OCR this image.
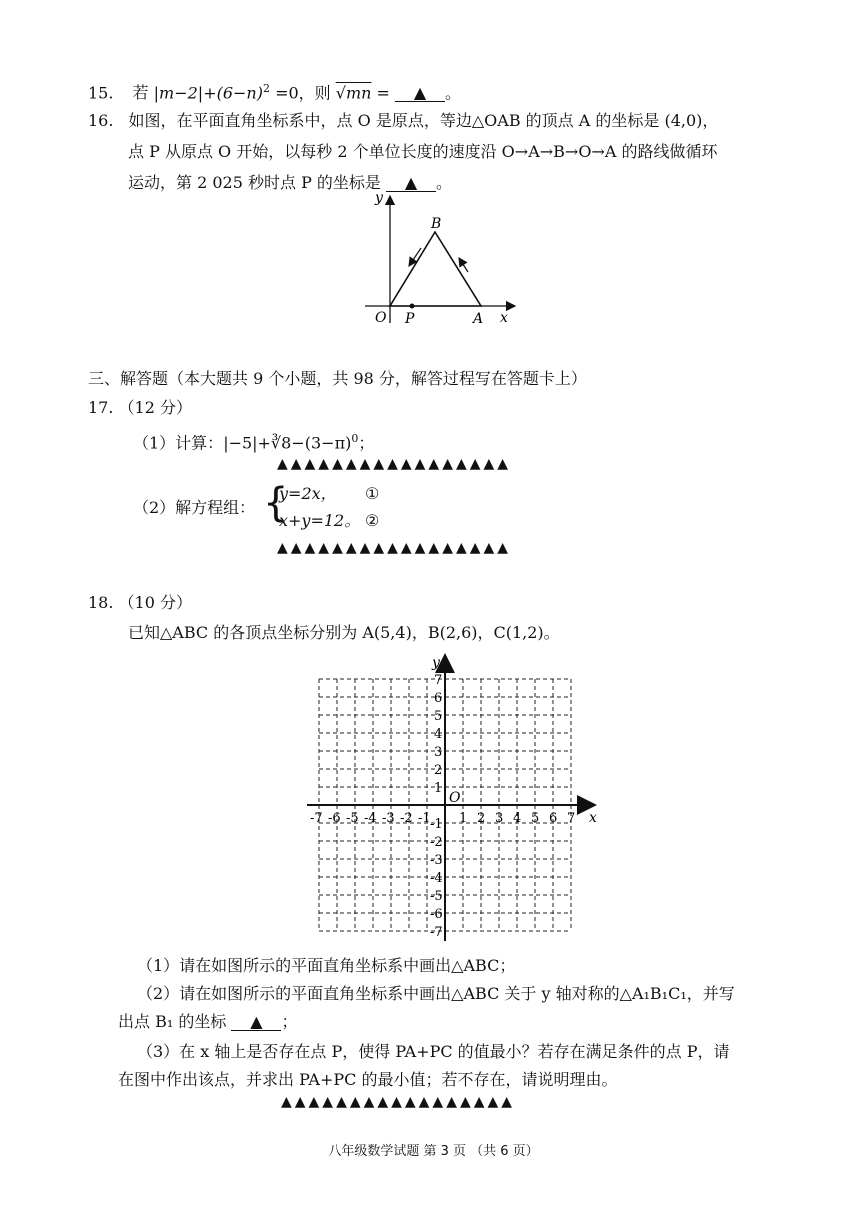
15. 若 $|m-2|+(6-n)^2 =0$，则 √mn = ▲ 。
16. 如图，在平面直角坐标系中，点 O 是原点，等边△OAB 的顶点 A 的坐标是 (4,0)，
点 P 从原点 O 开始，以每秒 2 个单位长度的速度沿 O→A→B→O→A 的路线做循环
运动，第 2 025 秒时点 P 的坐标是 ▲ 。
y
x
O P	A
B
三、解答题（本大题共 9 个小题，共 98 分，解答过程写在答题卡上）
17. （12 分）
（1）计算：$|-5|+∛8-(3-\pi)^0$；
▲▲▲▲▲▲▲▲▲▲▲▲▲▲▲▲▲
（2）解方程组： {
y=2x， ①
x+y=12。 ②
▲▲▲▲▲▲▲▲▲▲▲▲▲▲▲▲▲
18. （10 分）
已知△ABC 的各顶点坐标分别为 A(5,4)，B(2,6)，C(1,2)。
x
y
O
-7 -6 -5 -4 -3 -2 -1 1 2 3 4 5 6 7
7
6
5
4
3
2
1
-1
-2
-3
-4
-5
-6
-7
（1）请在如图所示的平面直角坐标系中画出△ABC；
（2）请在如图所示的平面直角坐标系中画出△ABC 关于 y 轴对称的△A₁B₁C₁，并写
出点 B₁ 的坐标 ▲ ；
（3）在 x 轴上是否存在点 P，使得 PA+PC 的值最小？若存在满足条件的点 P，请
在图中作出该点，并求出 PA+PC 的最小值；若不存在，请说明理由。
▲▲▲▲▲▲▲▲▲▲▲▲▲▲▲▲▲
八年级数学试题 第 3 页 （共 6 页）
